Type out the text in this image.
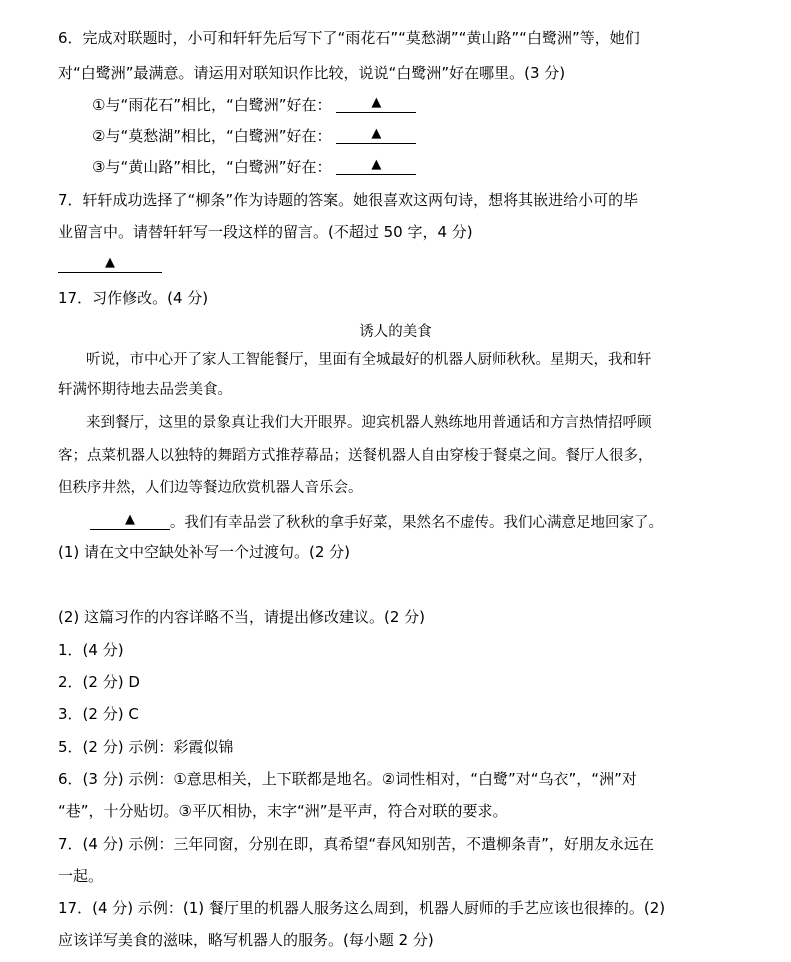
6．完成对联题时，小可和轩轩先后写下了“雨花石”“莫愁湖”“黄山路”“白鹭洲”等，她们
对“白鹭洲”最满意。请运用对联知识作比较，说说“白鹭洲”好在哪里。(3 分)
①与“雨花石”相比，“白鹭洲”好在：	▲
②与“莫愁湖”相比，“白鹭洲”好在：	▲
③与“黄山路”相比，“白鹭洲”好在：	▲
7．轩轩成功选择了“柳条”作为诗题的答案。她很喜欢这两句诗，想将其嵌进给小可的毕
业留言中。请替轩轩写一段这样的留言。(不超过 50 字，4 分)
▲
17．习作修改。(4 分)
诱人的美食
听说，市中心开了家人工智能餐厅，里面有全城最好的机器人厨师秋秋。星期天，我和轩
轩满怀期待地去品尝美食。
来到餐厅，这里的景象真让我们大开眼界。迎宾机器人熟练地用普通话和方言热情招呼顾
客；点菜机器人以独特的舞蹈方式推荐幕品；送餐机器人自由穿梭于餐桌之间。餐厅人很多，
但秩序井然，人们边等餐边欣赏机器人音乐会。
▲ 。我们有幸品尝了秋秋的拿手好菜，果然名不虚传。我们心满意足地回家了。
(1) 请在文中空缺处补写一个过渡句。(2 分)
(2) 这篇习作的内容详略不当，请提出修改建议。(2 分)
1．(4 分)
2．(2 分) D
3．(2 分) C
5．(2 分) 示例：彩霞似锦
6．(3 分) 示例：①意思相关，上下联都是地名。②词性相对，“白鹭”对“乌衣”，“洲”对
“巷”，十分贴切。③平仄相协，末字“洲”是平声，符合对联的要求。
7．(4 分) 示例：三年同窗，分别在即，真希望“春风知别苦，不遣柳条青”，好朋友永远在
一起。
17．(4 分) 示例：(1) 餐厅里的机器人服务这么周到，机器人厨师的手艺应该也很捧的。(2)
应该详写美食的滋味，略写机器人的服务。(每小题 2 分)
